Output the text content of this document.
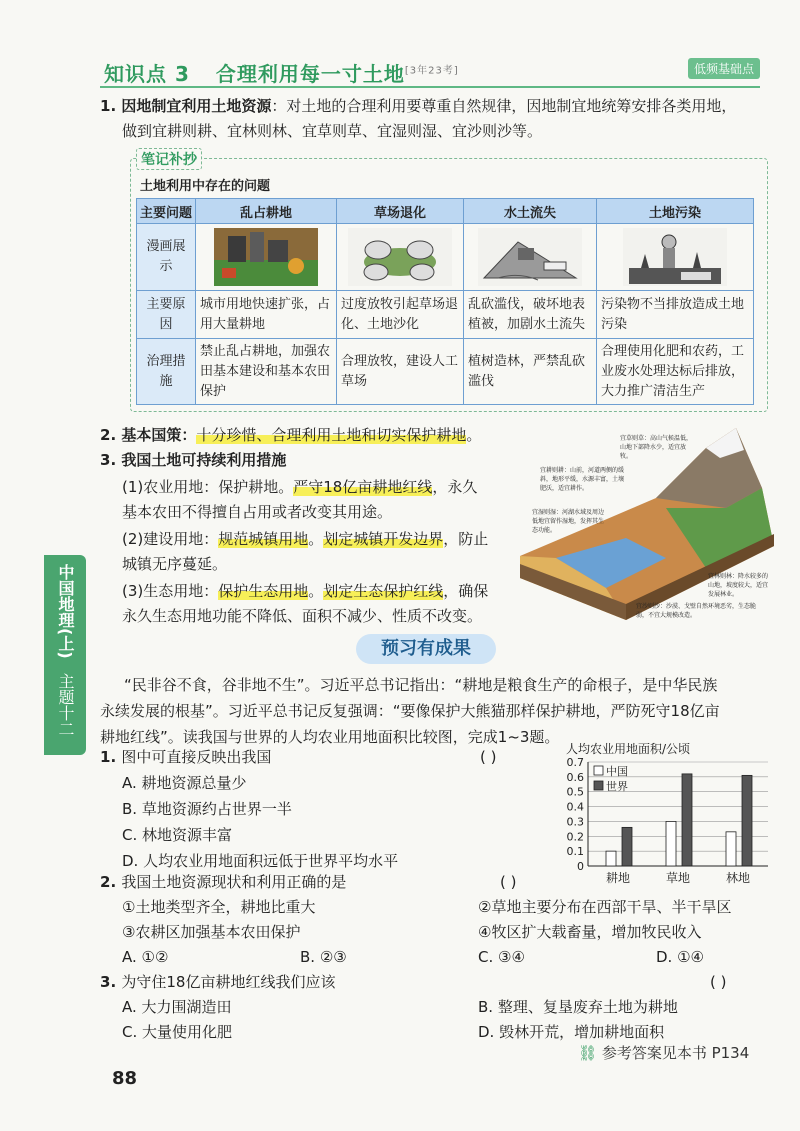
知识点 3 合理利用每一寸土地[3年23考]	低频基础点
1. 因地制宜利用土地资源：对土地的合理利用要尊重自然规律，因地制宜地统筹安排各类用地，
做到宜耕则耕、宜林则林、宜草则草、宜湿则湿、宜沙则沙等。
笔记补抄
土地利用中存在的问题
主要问题	乱占耕地	草场退化	水土流失	土地污染
漫画展示	

主要原因	城市用地快速扩张，占用大量耕地	过度放牧引起草场退化、土地沙化	乱砍滥伐，破坏地表植被，加剧水土流失	污染物不当排放造成土地污染
治理措施	禁止乱占耕地，加强农田基本建设和基本农田保护	合理放牧，建设人工草场	植树造林，严禁乱砍滥伐	合理使用化肥和农药，工业废水处理达标后排放，大力推广清洁生产
2. 基本国策：十分珍惜、合理利用土地和切实保护耕地。
3. 我国土地可持续利用措施
(1)农业用地：保护耕地。严守18亿亩耕地红线，永久
基本农田不得擅自占用或者改变其用途。
(2)建设用地：规范城镇用地。划定城镇开发边界，防止
城镇无序蔓延。
(3)生态用地：保护生态用地。划定生态保护红线，确保
永久生态用地功能不降低、面积不减少、性质不改变。
宜草则草：高山气候温低，山地下部降水少，适宜放牧。
宜耕则耕：山前，河道两侧的缓斜，地形平缓，水源丰富，土壤肥沃，适宜耕作。
宜湿则湿：河湖水域及周边低地宜留作湿地，发挥其生态功能。
宜林则林：降水较多的山地，坡度较大，适宜发展林业。
宜沙则沙：沙漠、戈壁自然环境恶劣，生态脆弱，不宜大规模改造。
中国地理(上)
主题十二
预习有成果
“民非谷不食，谷非地不生”。习近平总书记指出：“耕地是粮食生产的命根子，是中华民族
永续发展的根基”。习近平总书记反复强调：“要像保护大熊猫那样保护耕地，严防死守18亿亩
耕地红线”。读我国与世界的人均农业用地面积比较图，完成1~3题。
1. 图中可直接反映出我国	( )
A. 耕地资源总量少
B. 草地资源约占世界一半
C. 林地资源丰富
D. 人均农业用地面积远低于世界平均水平
人均农业用地面积/公顷
0
0.1
0.2
0.3
0.4
0.5
0.6
0.7
耕地	草地	林地
中国
世界
2. 我国土地资源现状和利用正确的是	( )
①土地类型齐全，耕地比重大	②草地主要分布在西部干旱、半干旱区
③农耕区加强基本农田保护	④牧区扩大载畜量，增加牧民收入
A. ①②	B. ②③	C. ③④	D. ①④
3. 为守住18亿亩耕地红线我们应该	( )
A. 大力围湖造田	B. 整理、复垦废弃土地为耕地
C. 大量使用化肥	D. 毁林开荒，增加耕地面积
⛓ 参考答案见本书 P134
88
